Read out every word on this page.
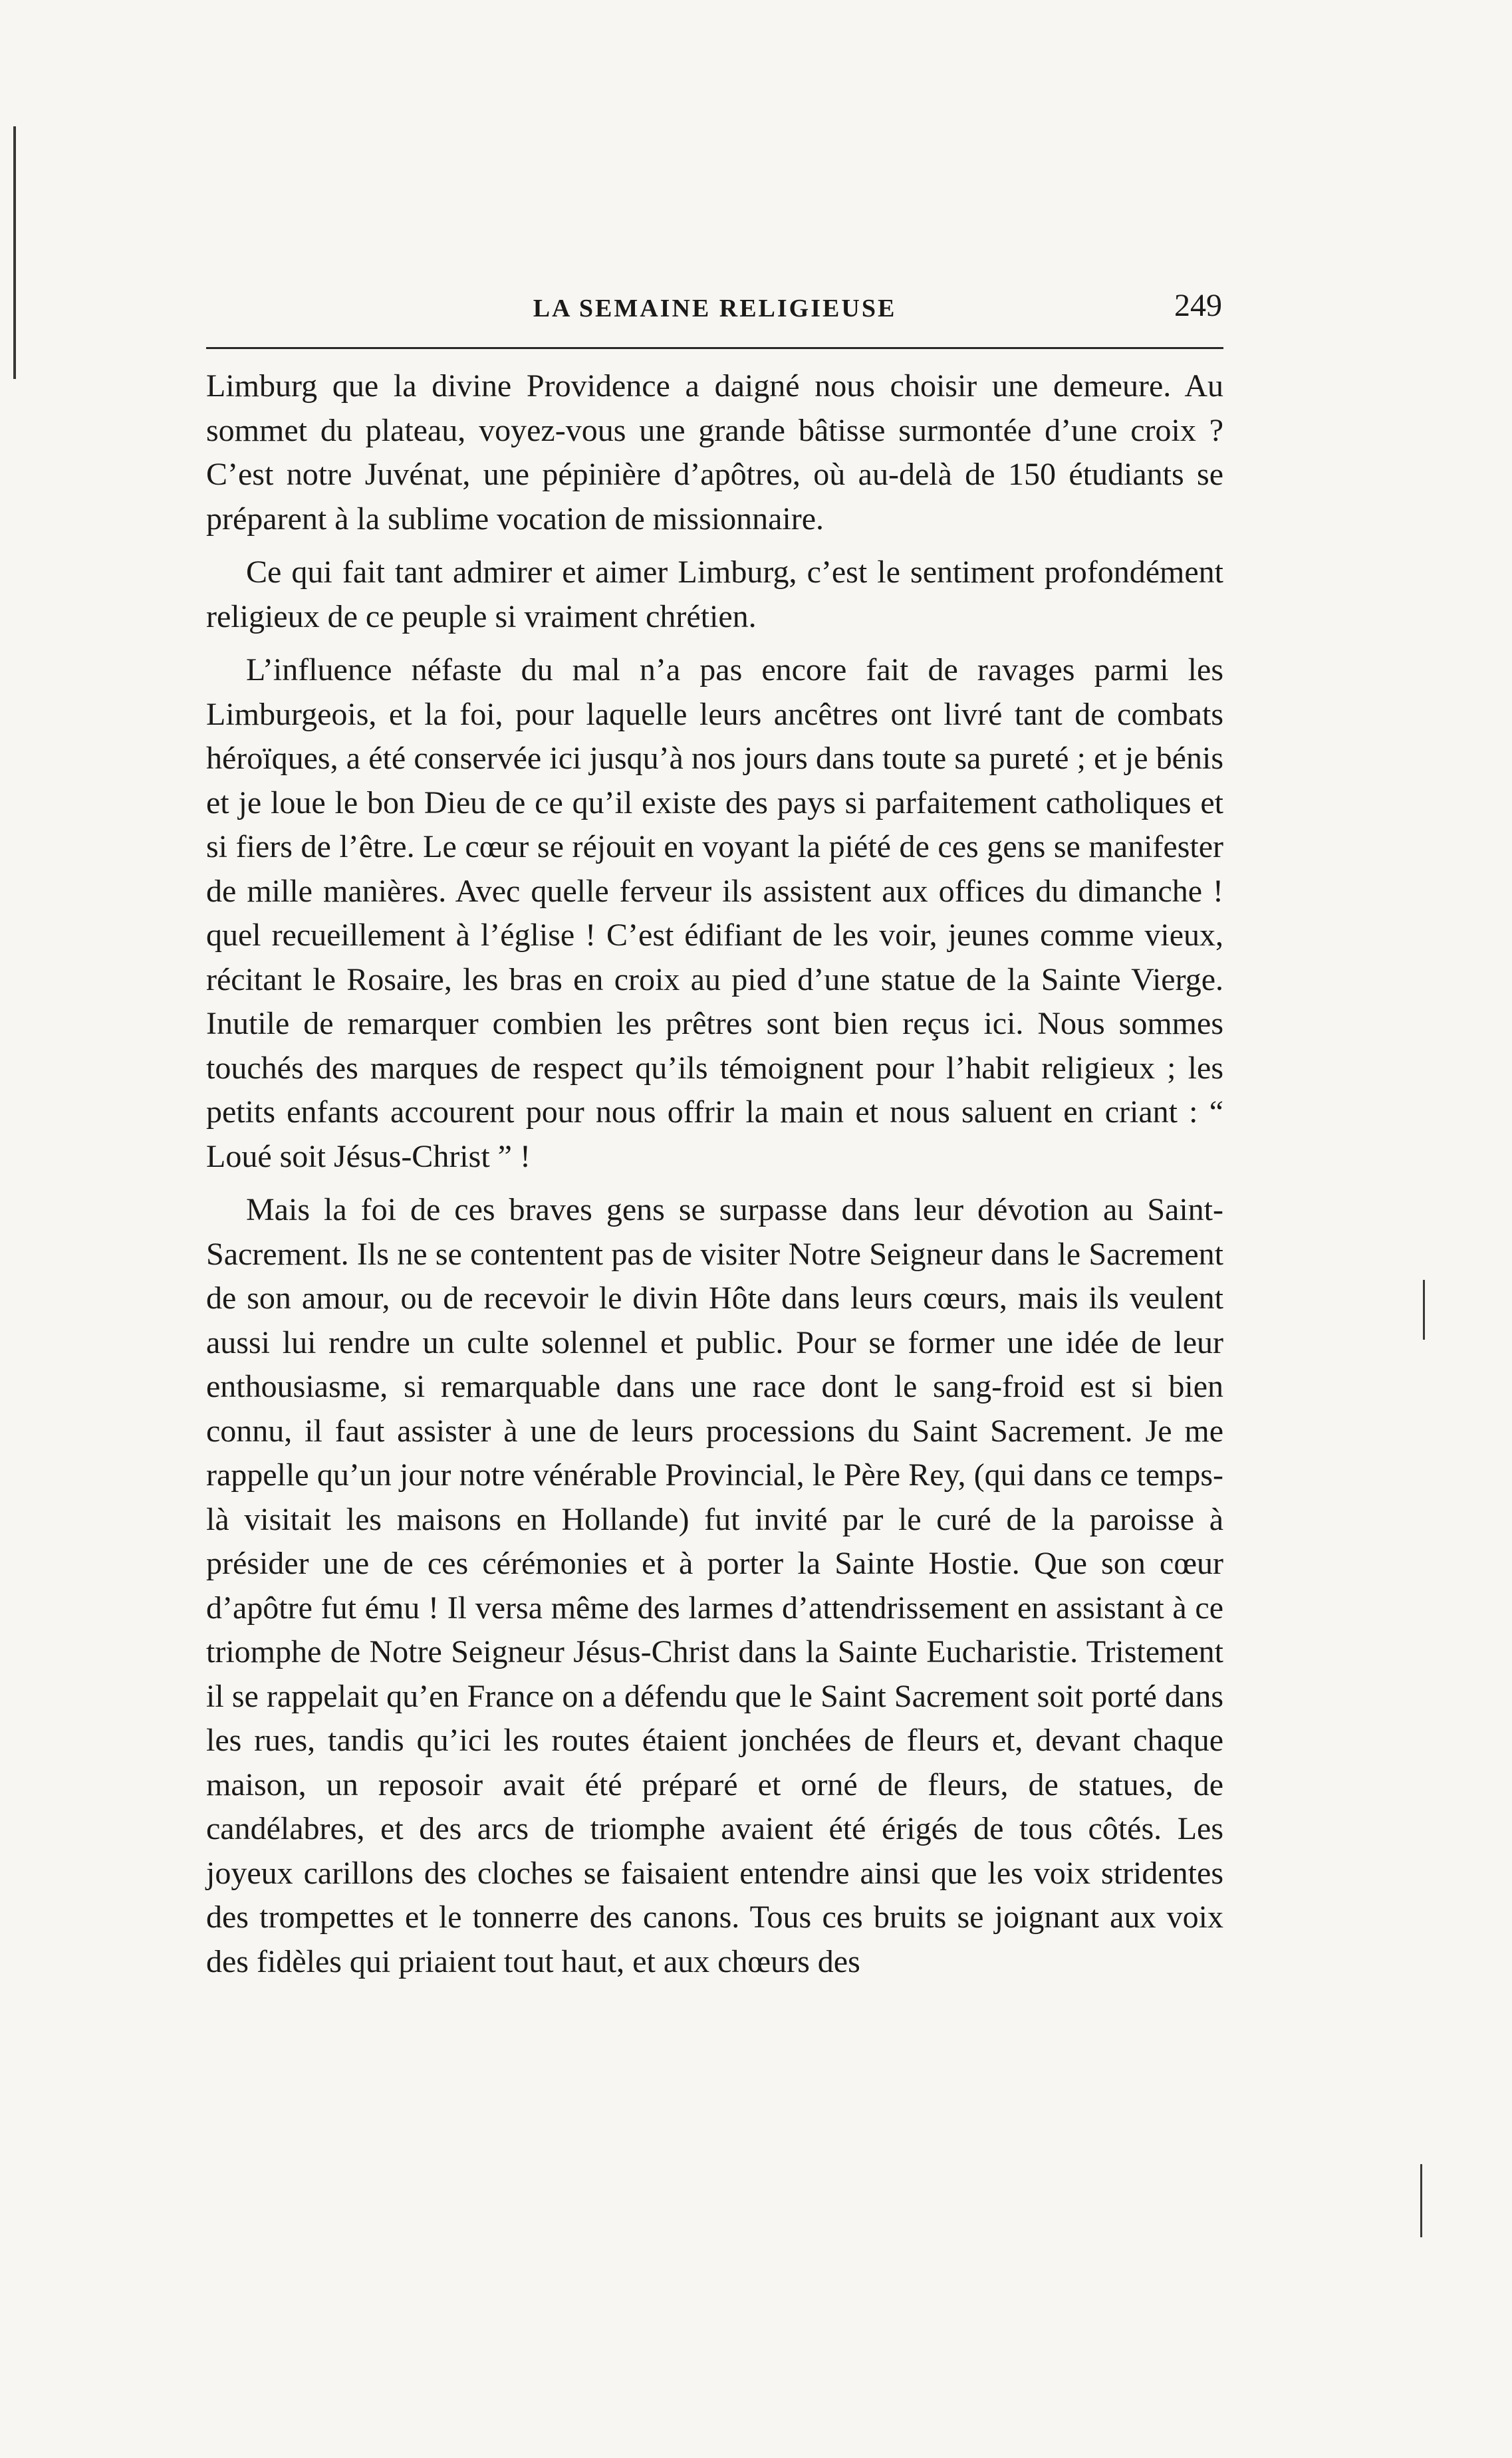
LA SEMAINE RELIGIEUSE	249

Limburg que la divine Providence a daigné nous choisir une demeure. Au sommet du plateau, voyez-vous une grande bâtisse surmontée d’une croix ? C’est notre Juvénat, une pépinière d’apôtres, où au-delà de 150 étudiants se préparent à la sublime vocation de missionnaire.

Ce qui fait tant admirer et aimer Limburg, c’est le sentiment profondément religieux de ce peuple si vraiment chrétien.

L’influence néfaste du mal n’a pas encore fait de ravages parmi les Limburgeois, et la foi, pour laquelle leurs ancêtres ont livré tant de combats héroïques, a été conservée ici jusqu’à nos jours dans toute sa pureté ; et je bénis et je loue le bon Dieu de ce qu’il existe des pays si parfaitement catholiques et si fiers de l’être. Le cœur se réjouit en voyant la piété de ces gens se manifester de mille manières. Avec quelle ferveur ils assistent aux offices du dimanche ! quel recueillement à l’église ! C’est édifiant de les voir, jeunes comme vieux, récitant le Rosaire, les bras en croix au pied d’une statue de la Sainte Vierge. Inutile de remarquer combien les prêtres sont bien reçus ici. Nous sommes touchés des marques de respect qu’ils témoignent pour l’habit religieux ; les petits enfants accourent pour nous offrir la main et nous saluent en criant : “ Loué soit Jésus-Christ ” !

Mais la foi de ces braves gens se surpasse dans leur dévotion au Saint-Sacrement. Ils ne se contentent pas de visiter Notre Seigneur dans le Sacrement de son amour, ou de recevoir le divin Hôte dans leurs cœurs, mais ils veulent aussi lui rendre un culte solennel et public. Pour se former une idée de leur enthousiasme, si remarquable dans une race dont le sang-froid est si bien connu, il faut assister à une de leurs processions du Saint Sacrement. Je me rappelle qu’un jour notre vénérable Provincial, le Père Rey, (qui dans ce temps-là visitait les maisons en Hollande) fut invité par le curé de la paroisse à présider une de ces cérémonies et à porter la Sainte Hostie. Que son cœur d’apôtre fut ému ! Il versa même des larmes d’attendrissement en assistant à ce triomphe de Notre Seigneur Jésus-Christ dans la Sainte Eucharistie. Tristement il se rappelait qu’en France on a défendu que le Saint Sacrement soit porté dans les rues, tandis qu’ici les routes étaient jonchées de fleurs et, devant chaque maison, un reposoir avait été préparé et orné de fleurs, de statues, de candélabres, et des arcs de triomphe avaient été érigés de tous côtés. Les joyeux carillons des cloches se faisaient entendre ainsi que les voix stridentes des trompettes et le tonnerre des canons. Tous ces bruits se joignant aux voix des fidèles qui priaient tout haut, et aux chœurs des
